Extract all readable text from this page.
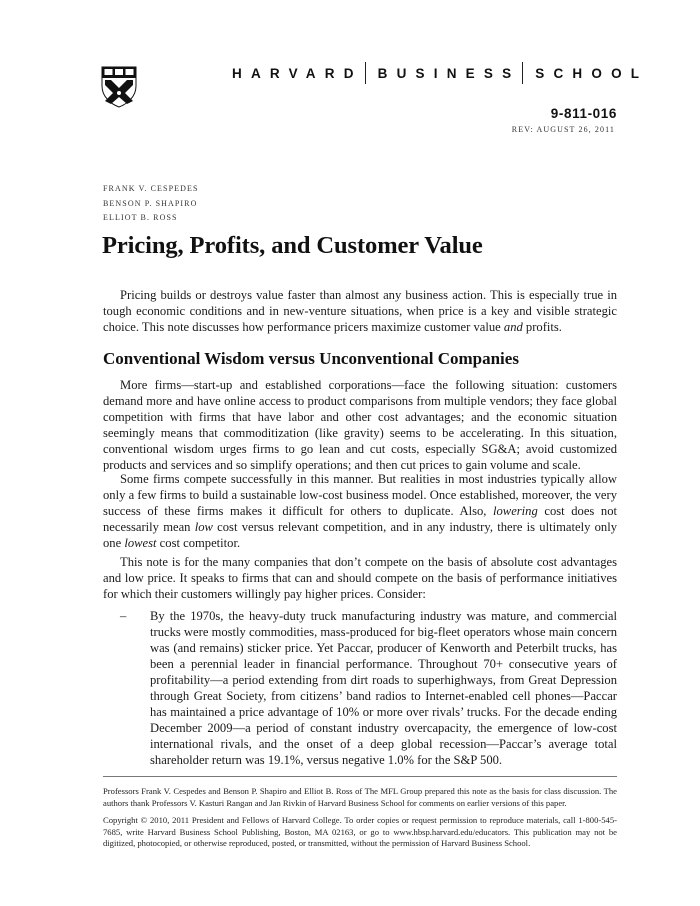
HARVARD BUSINESS SCHOOL
9-811-016
REV: AUGUST 26, 2011
FRANK V. CESPEDES
BENSON P. SHAPIRO
ELLIOT B. ROSS
Pricing, Profits, and Customer Value

Pricing builds or destroys value faster than almost any business action. This is especially true in tough economic conditions and in new-venture situations, when price is a key and visible strategic choice. This note discusses how performance pricers maximize customer value and profits.

Conventional Wisdom versus Unconventional Companies

More firms—start-up and established corporations—face the following situation: customers demand more and have online access to product comparisons from multiple vendors; they face global competition with firms that have labor and other cost advantages; and the economic situation seemingly means that commoditization (like gravity) seems to be accelerating. In this situation, conventional wisdom urges firms to go lean and cut costs, especially SG&A; avoid customized products and services and so simplify operations; and then cut prices to gain volume and scale.

Some firms compete successfully in this manner. But realities in most industries typically allow only a few firms to build a sustainable low-cost business model. Once established, moreover, the very success of these firms makes it difficult for others to duplicate. Also, lowering cost does not necessarily mean low cost versus relevant competition, and in any industry, there is ultimately only one lowest cost competitor.

This note is for the many companies that don’t compete on the basis of absolute cost advantages and low price. It speaks to firms that can and should compete on the basis of performance initiatives for which their customers willingly pay higher prices. Consider:

– By the 1970s, the heavy-duty truck manufacturing industry was mature, and commercial trucks were mostly commodities, mass-produced for big-fleet operators whose main concern was (and remains) sticker price. Yet Paccar, producer of Kenworth and Peterbilt trucks, has been a perennial leader in financial performance. Throughout 70+ consecutive years of profitability—a period extending from dirt roads to superhighways, from Great Depression through Great Society, from citizens’ band radios to Internet-enabled cell phones—Paccar has maintained a price advantage of 10% or more over rivals’ trucks. For the decade ending December 2009—a period of constant industry overcapacity, the emergence of low-cost international rivals, and the onset of a deep global recession—Paccar’s average total shareholder return was 19.1%, versus negative 1.0% for the S&P 500.
Professors Frank V. Cespedes and Benson P. Shapiro and Elliot B. Ross of The MFL Group prepared this note as the basis for class discussion. The authors thank Professors V. Kasturi Rangan and Jan Rivkin of Harvard Business School for comments on earlier versions of this paper.
Copyright © 2010, 2011 President and Fellows of Harvard College. To order copies or request permission to reproduce materials, call 1-800-545-7685, write Harvard Business School Publishing, Boston, MA 02163, or go to www.hbsp.harvard.edu/educators. This publication may not be digitized, photocopied, or otherwise reproduced, posted, or transmitted, without the permission of Harvard Business School.
